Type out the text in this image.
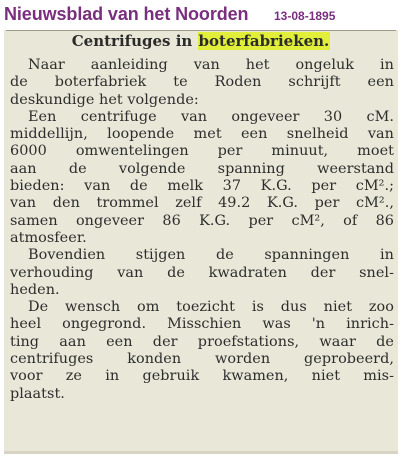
Nieuwsblad van het Noorden 13-08-1895
Centrifuges in boterfabrieken.
Naar aanleiding van het ongeluk in
de boterfabriek te Roden schrijft een
deskundige het volgende:
Een centrifuge van ongeveer 30 cM.
middellijn, loopende met een snelheid van
6000 omwentelingen per minuut, moet
aan de volgende spanning weerstand
bieden: van de melk 37 K.G. per cM².;
van den trommel zelf 49.2 K.G. per cM².,
samen ongeveer 86 K.G. per cM², of 86
atmosfeer.
Bovendien stijgen de spanningen in
verhouding van de kwadraten der snel-
heden.
De wensch om toezicht is dus niet zoo
heel ongegrond. Misschien was 'n inrich-
ting aan een der proefstations, waar de
centrifuges konden worden geprobeerd,
voor ze in gebruik kwamen, niet mis-
plaatst.
